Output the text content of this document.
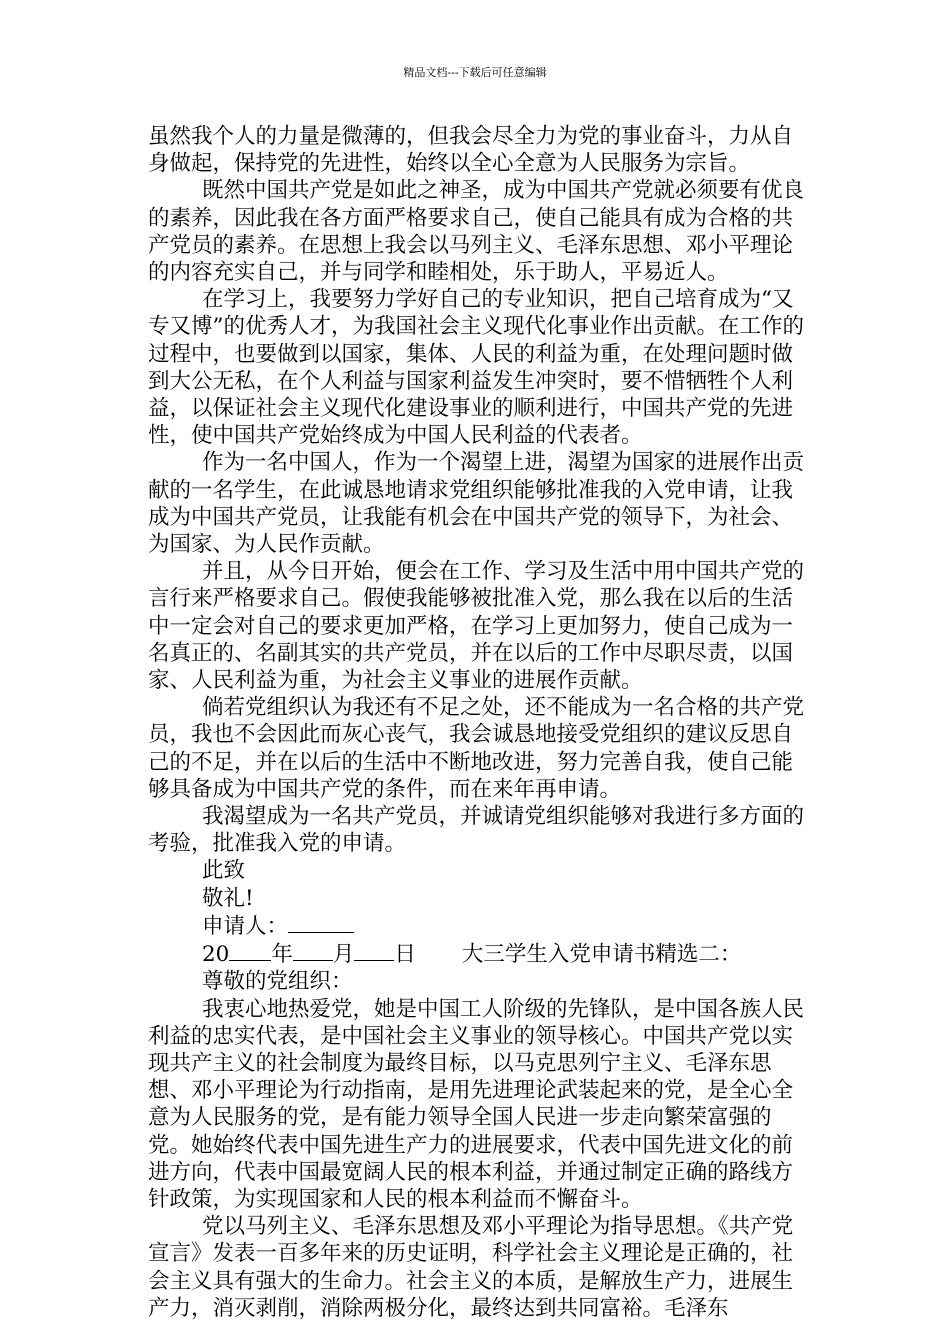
精品文档---下载后可任意编辑

虽然我个人的力量是微薄的，但我会尽全力为党的事业奋斗，力从自身做起，保持党的先进性，始终以全心全意为人民服务为宗旨。

既然中国共产党是如此之神圣，成为中国共产党就必须要有优良的素养，因此我在各方面严格要求自己，使自己能具有成为合格的共产党员的素养。在思想上我会以马列主义、毛泽东思想、邓小平理论的内容充实自己，并与同学和睦相处，乐于助人，平易近人。

在学习上，我要努力学好自己的专业知识，把自己培育成为“又专又博”的优秀人才，为我国社会主义现代化事业作出贡献。在工作的过程中，也要做到以国家，集体、人民的利益为重，在处理问题时做到大公无私，在个人利益与国家利益发生冲突时，要不惜牺牲个人利益，以保证社会主义现代化建设事业的顺利进行，中国共产党的先进性，使中国共产党始终成为中国人民利益的代表者。

作为一名中国人，作为一个渴望上进，渴望为国家的进展作出贡献的一名学生，在此诚恳地请求党组织能够批准我的入党申请，让我成为中国共产党员，让我能有机会在中国共产党的领导下，为社会、为国家、为人民作贡献。

并且，从今日开始，便会在工作、学习及生活中用中国共产党的言行来严格要求自己。假使我能够被批准入党，那么我在以后的生活中一定会对自己的要求更加严格，在学习上更加努力，使自己成为一名真正的、名副其实的共产党员，并在以后的工作中尽职尽责，以国家、人民利益为重，为社会主义事业的进展作贡献。

倘若党组织认为我还有不足之处，还不能成为一名合格的共产党员，我也不会因此而灰心丧气，我会诚恳地接受党组织的建议反思自己的不足，并在以后的生活中不断地改进，努力完善自我，使自己能够具备成为中国共产党的条件，而在来年再申请。

我渴望成为一名共产党员，并诚请党组织能够对我进行多方面的考验，批准我入党的申请。

此致

敬礼!

申请人：

20 年 月 日 大三学生入党申请书精选二：

尊敬的党组织：

我衷心地热爱党，她是中国工人阶级的先锋队，是中国各族人民利益的忠实代表，是中国社会主义事业的领导核心。中国共产党以实现共产主义的社会制度为最终目标，以马克思列宁主义、毛泽东思想、邓小平理论为行动指南，是用先进理论武装起来的党，是全心全意为人民服务的党，是有能力领导全国人民进一步走向繁荣富强的党。她始终代表中国先进生产力的进展要求，代表中国先进文化的前进方向，代表中国最宽阔人民的根本利益，并通过制定正确的路线方针政策，为实现国家和人民的根本利益而不懈奋斗。

党以马列主义、毛泽东思想及邓小平理论为指导思想。《共产党宣言》发表一百多年来的历史证明，科学社会主义理论是正确的，社会主义具有强大的生命力。社会主义的本质，是解放生产力，进展生产力，消灭剥削，消除两极分化，最终达到共同富裕。毛泽东
